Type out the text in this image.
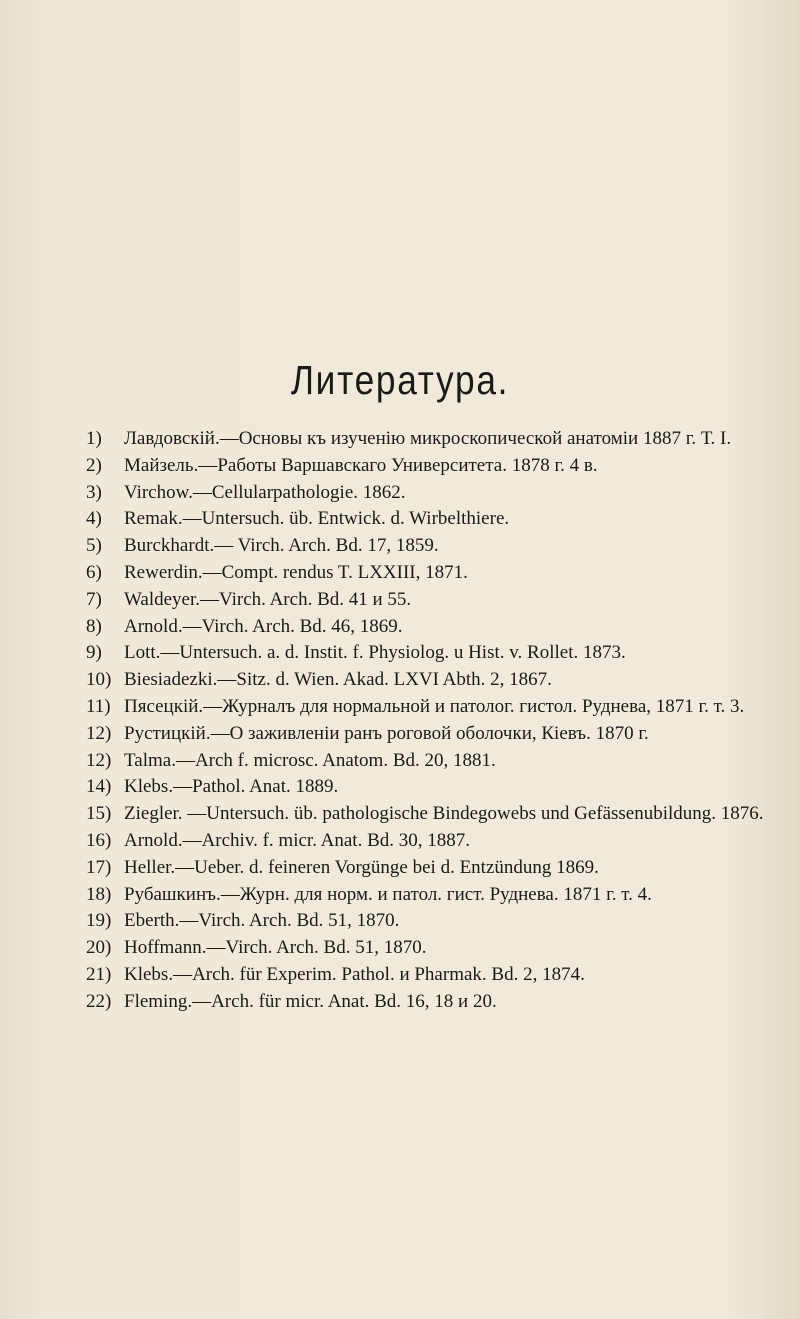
Литература.
1)	Лавдовскій.—Основы къ изученію микроскопической анатоміи 1887 г. Т. I.
2)	Майзель.—Работы Варшавскаго Университета. 1878 г. 4 в.
3)	Virchow.—Cellularpathologie. 1862.
4)	Remak.—Untersuch. üb. Entwick. d. Wirbelthiere.
5)	Burckhardt.— Virch. Arch. Bd. 17, 1859.
6)	Rewerdin.—Compt. rendus T. LXXIII, 1871.
7)	Waldeyer.—Virch. Arch. Bd. 41 и 55.
8)	Arnold.—Virch. Arch. Bd. 46, 1869.
9)	Lott.—Untersuch. a. d. Instit. f. Physiolog. u Hist. v. Rollet. 1873.
10) Biesiadezki.—Sitz. d. Wien. Akad. LXVI Abth. 2, 1867.
11) Пясецкій.—Журналъ для нормальной и патолог. гистол. Руднева, 1871 г. т. 3.
12) Рустицкій.—О заживленіи ранъ роговой оболочки, Кіевъ. 1870 г.
12) Talma.—Arch f. microsc. Anatom. Bd. 20, 1881.
14) Klebs.—Pathol. Anat. 1889.
15) Ziegler. —Untersuch. üb. pathologische Bindegowebs und Gefässenubildung. 1876.
16) Arnold.—Archiv. f. micr. Anat. Bd. 30, 1887.
17) Heller.—Ueber. d. feineren Vorgünge bei d. Entzündung 1869.
18) Рубашкинъ.—Журн. для норм. и патол. гист. Руднева. 1871 г. т. 4.
19) Eberth.—Virch. Arch. Bd. 51, 1870.
20) Hoffmann.—Virch. Arch. Bd. 51, 1870.
21) Klebs.—Arch. für Experim. Pathol. и Pharmak. Bd. 2, 1874.
22) Fleming.—Arch. für micr. Anat. Bd. 16, 18 и 20.
